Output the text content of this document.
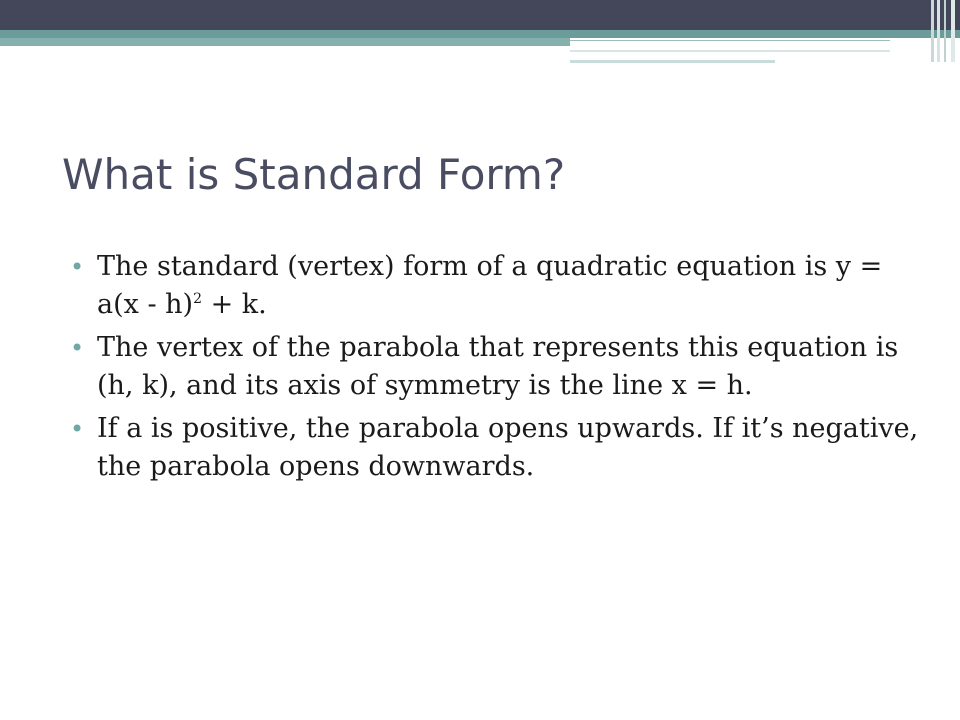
What is Standard Form?
• The standard (vertex) form of a quadratic equation is y = a(x - h)$^2$ + k.
• The vertex of the parabola that represents this equation is (h, k), and its axis of symmetry is the line x = h.
• If a is positive, the parabola opens upwards. If it’s negative, the parabola opens downwards.
